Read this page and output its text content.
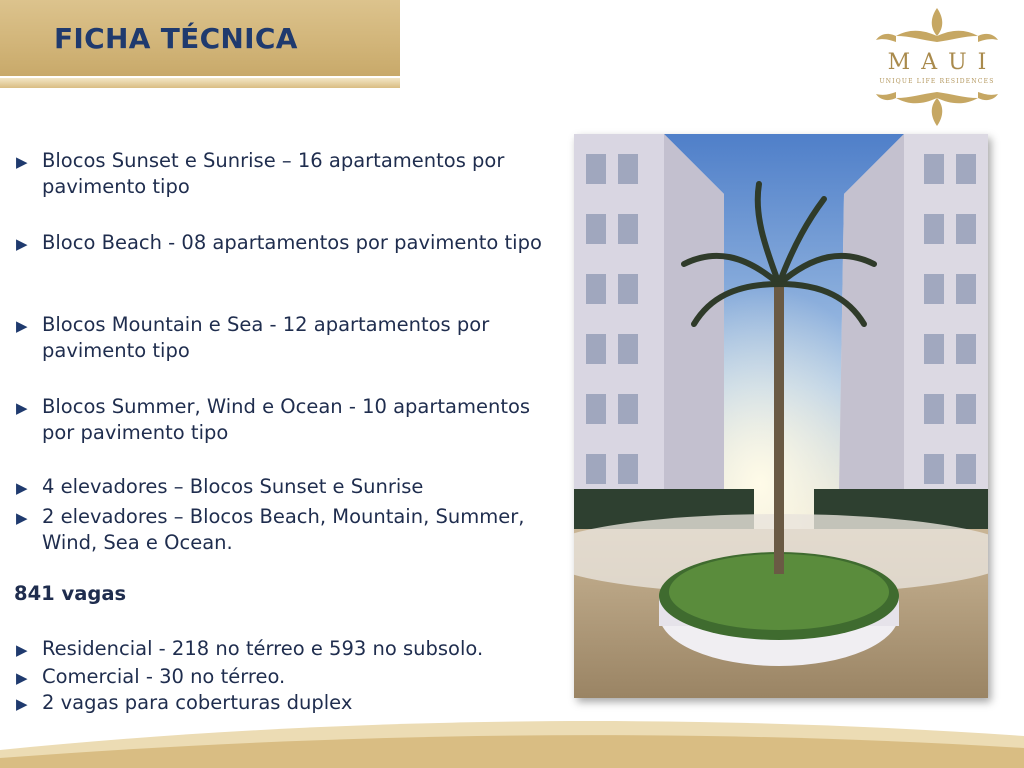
FICHA TÉCNICA
MAUI
UNIQUE LIFE RESIDENCES
▶ Blocos Sunset e Sunrise – 16 apartamentos por pavimento tipo
▶ Bloco Beach - 08 apartamentos por pavimento tipo
▶ Blocos Mountain e Sea - 12 apartamentos por pavimento tipo
▶ Blocos Summer, Wind e Ocean - 10 apartamentos por pavimento tipo
▶ 4 elevadores – Blocos Sunset e Sunrise
▶ 2 elevadores – Blocos Beach, Mountain, Summer, Wind, Sea e Ocean.
841 vagas
▶ Residencial - 218 no térreo e 593 no subsolo.
▶ Comercial - 30 no térreo.
▶ 2 vagas para coberturas duplex
